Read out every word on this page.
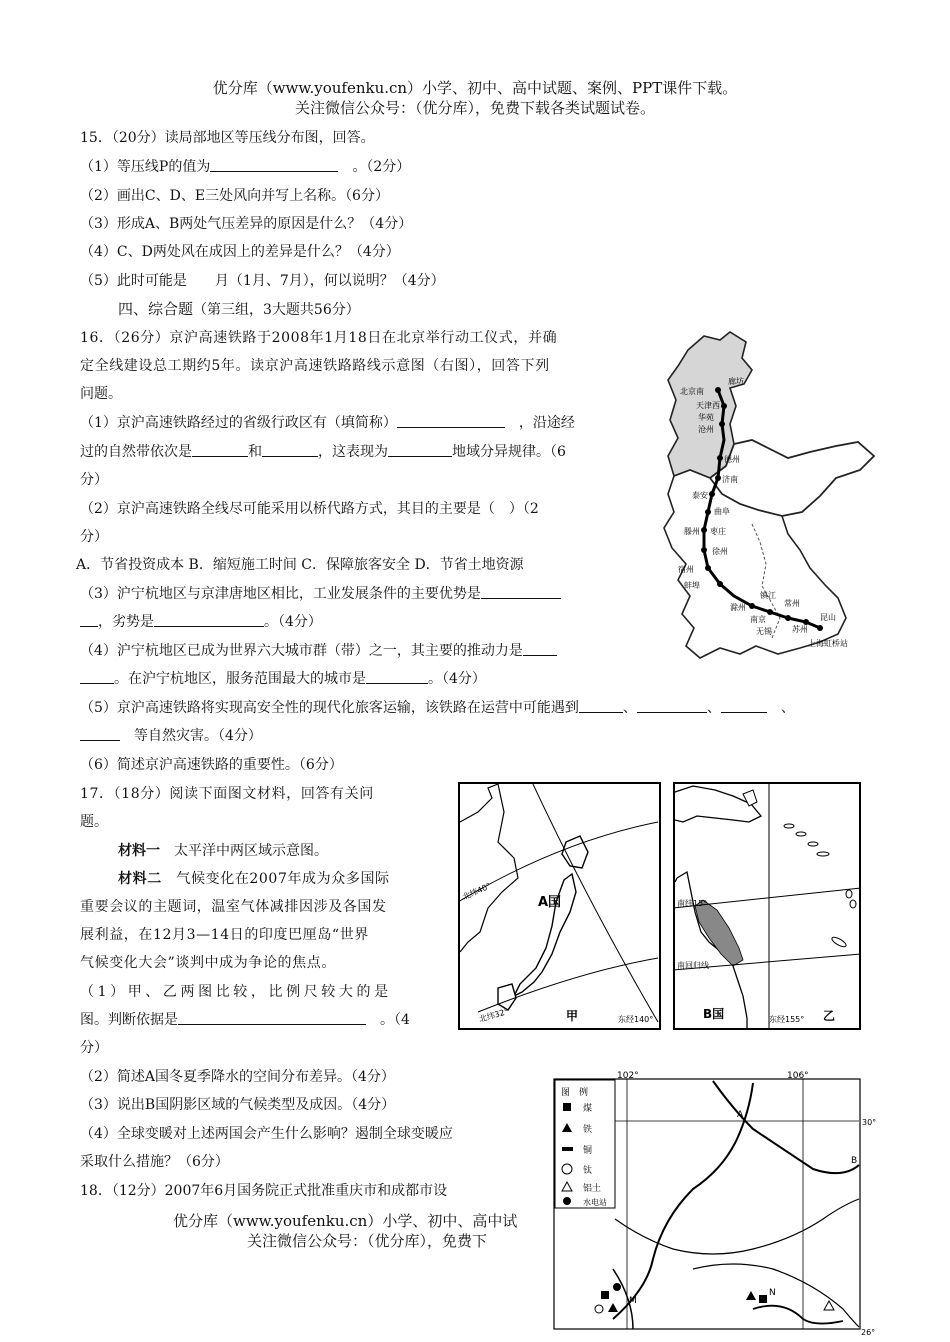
优分库（www.youfenku.cn）小学、初中、高中试题、案例、PPT课件下载。
关注微信公众号：（优分库），免费下载各类试题试卷。
15．（20分）读局部地区等压线分布图，回答。
（1）等压线P的值为　	。（2分）
（2）画出C、D、E三处风向并写上名称。（6分）
（3）形成A、B两处气压差异的原因是什么？（4分）
（4）C、D两处风在成因上的差异是什么？（4分）
（5）此时可能是　　月（1月、7月），何以说明？（4分）
四、综合题（第三组，3大题共56分）
16．（26分）京沪高速铁路于2008年1月18日在北京举行动工仪式，并确
定全线建设总工期约5年。读京沪高速铁路路线示意图（右图），回答下列
问题。
（1）京沪高速铁路经过的省级行政区有（填简称）　	，沿途经
过的自然带依次是	和	，这表现为	地域分异规律。（6
分）
（2）京沪高速铁路全线尽可能采用以桥代路方式，其目的主要是（　）（2
分）
A．节省投资成本 B．缩短施工时间 C．保障旅客安全 D．节省土地资源
（3）沪宁杭地区与京津唐地区相比，工业发展条件的主要优势是
，劣势是	。（4分）
（4）沪宁杭地区已成为世界六大城市群（带）之一，其主要的推动力是
。在沪宁杭地区，服务范围最大的城市是	。（4分）
（5）京沪高速铁路将实现高安全性的现代化旅客运输，该铁路在运营中可能遇到	、	、　	、
　等自然灾害。（4分）
（6）简述京沪高速铁路的重要性。（6分）
17．（18分）阅读下面图文材料，回答有关问
题。
材料一　 太平洋中两区域示意图。
材料二　 气候变化在2007年成为众多国际
重要会议的主题词，温室气体减排因涉及各国发
展利益，在12月3—14日的印度巴厘岛“世界
气候变化大会”谈判中成为争论的焦点。
（1）甲、乙两图比较，比例尺较大的是
图。判断依据是　	。（4
分）
（2）简述A国冬夏季降水的空间分布差异。（4分）
（3）说出B国阴影区域的气候类型及成因。（4分）
（4）全球变暖对上述两国会产生什么影响？遏制全球变暖应
采取什么措施？（6分）
18．（12分）2007年6月国务院正式批准重庆市和成都市设
优分库（www.youfenku.cn）小学、初中、高中试
关注微信公众号：（优分库），免费下
北京南
廊坊
天津西
华苑
沧州
德州
济南
泰安
曲阜
滕州 枣庄
徐州
宿州
蚌埠
滁州
南京
镇江
常州
无锡	苏州
昆山
上海虹桥站
北纬40°
北纬32°
A国
甲	东经140°
南纬15°
南回归线
B国	东经155° 乙
102°	106°
30°
26°
图　例
煤
铁
铜
钛
铝土
水电站
A
B
M
N
